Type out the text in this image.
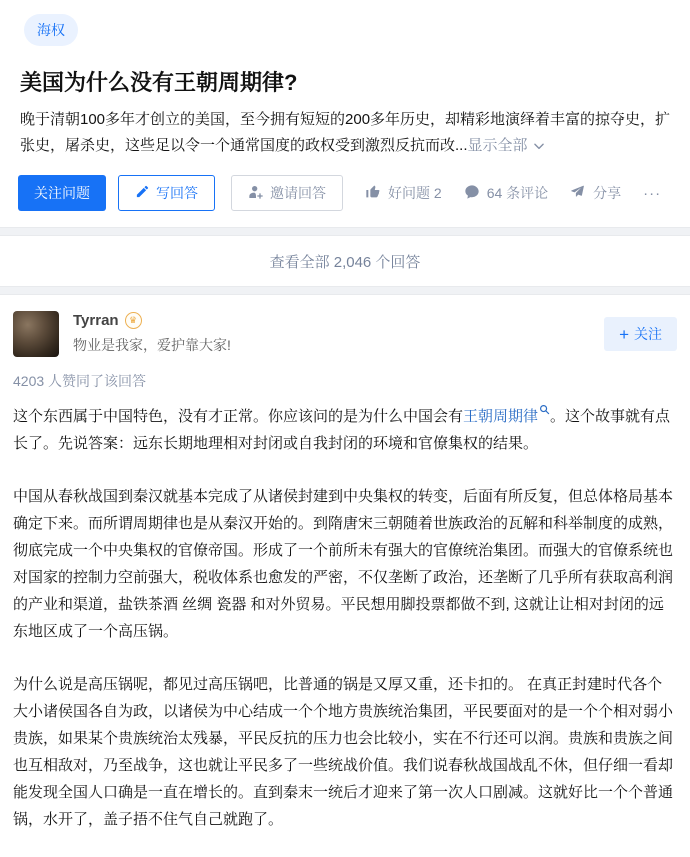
海权
美国为什么没有王朝周期律?

晚于清朝100多年才创立的美国，至今拥有短短的200多年历史，却精彩地演绎着丰富的掠夺史，扩张史，屠杀史，这些足以令一个通常国度的政权受到激烈反抗而改...显示全部

关注问题	写回答	邀请回答	好问题 2	64 条评论	分享 ···
查看全部 2,046 个回答
Tyrran	♛
物业是我家，爱护靠大家!
+ 关注
4203 人赞同了该回答

这个东西属于中国特色，没有才正常。你应该问的是为什么中国会有王朝周期律 。这个故事就有点长了。先说答案：远东长期地理相对封闭或自我封闭的环境和官僚集权的结果。

中国从春秋战国到秦汉就基本完成了从诸侯封建到中央集权的转变，后面有所反复，但总体格局基本确定下来。而所谓周期律也是从秦汉开始的。到隋唐宋三朝随着世族政治的瓦解和科举制度的成熟，彻底完成一个中央集权的官僚帝国。形成了一个前所未有强大的官僚统治集团。而强大的官僚系统也对国家的控制力空前强大，税收体系也愈发的严密，不仅垄断了政治，还垄断了几乎所有获取高利润的产业和渠道，盐铁茶酒 丝绸 瓷器 和对外贸易。平民想用脚投票都做不到, 这就让让相对封闭的远东地区成了一个高压锅。

为什么说是高压锅呢，都见过高压锅吧，比普通的锅是又厚又重，还卡扣的。 在真正封建时代各个大小诸侯国各自为政，以诸侯为中心结成一个个地方贵族统治集团，平民要面对的是一个个相对弱小贵族，如果某个贵族统治太残暴，平民反抗的压力也会比较小，实在不行还可以润。贵族和贵族之间也互相敌对，乃至战争，这也就让平民多了一些统战价值。我们说春秋战国战乱不休，但仔细一看却能发现全国人口确是一直在增长的。直到秦末一统后才迎来了第一次人口剧减。这就好比一个个普通锅，水开了，盖子捂不住气自己就跑了。
